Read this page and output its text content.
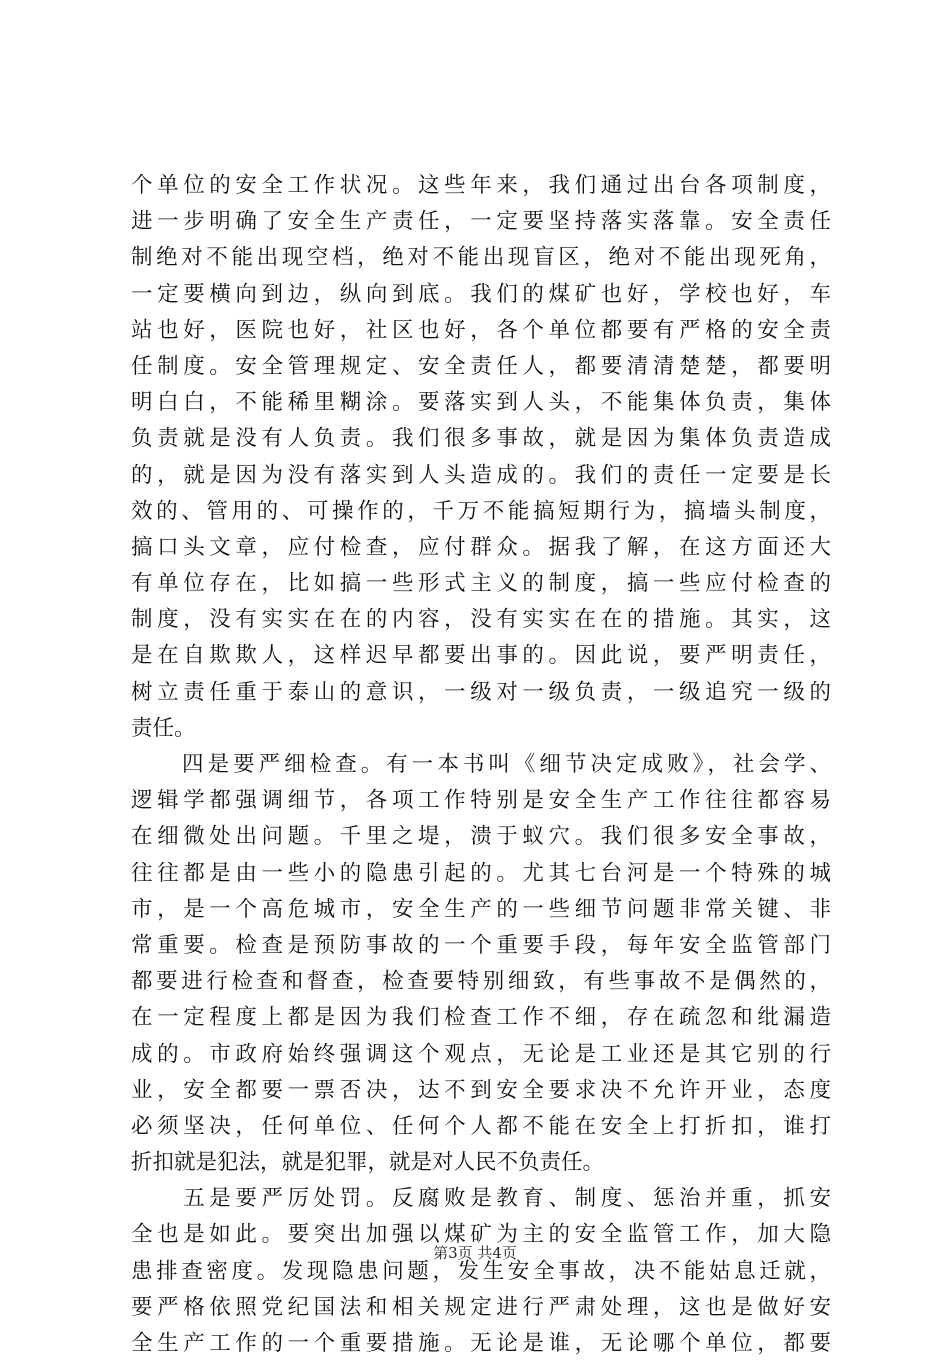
个单位的安全工作状况。这些年来，我们通过出台各项制度，
进一步明确了安全生产责任，一定要坚持落实落靠。安全责任
制绝对不能出现空档，绝对不能出现盲区，绝对不能出现死角，
一定要横向到边，纵向到底。我们的煤矿也好，学校也好，车
站也好，医院也好，社区也好，各个单位都要有严格的安全责
任制度。安全管理规定、安全责任人，都要清清楚楚，都要明
明白白，不能稀里糊涂。要落实到人头，不能集体负责，集体
负责就是没有人负责。我们很多事故，就是因为集体负责造成
的，就是因为没有落实到人头造成的。我们的责任一定要是长
效的、管用的、可操作的，千万不能搞短期行为，搞墙头制度，
搞口头文章，应付检查，应付群众。据我了解，在这方面还大
有单位存在，比如搞一些形式主义的制度，搞一些应付检查的
制度，没有实实在在的内容，没有实实在在的措施。其实，这
是在自欺欺人，这样迟早都要出事的。因此说，要严明责任，
树立责任重于泰山的意识，一级对一级负责，一级追究一级的
责任。
　　四是要严细检查。有一本书叫《细节决定成败》，社会学、
逻辑学都强调细节，各项工作特别是安全生产工作往往都容易
在细微处出问题。千里之堤，溃于蚁穴。我们很多安全事故，
往往都是由一些小的隐患引起的。尤其七台河是一个特殊的城
市，是一个高危城市，安全生产的一些细节问题非常关键、非
常重要。检查是预防事故的一个重要手段，每年安全监管部门
都要进行检查和督查，检查要特别细致，有些事故不是偶然的，
在一定程度上都是因为我们检查工作不细，存在疏忽和纰漏造
成的。市政府始终强调这个观点，无论是工业还是其它别的行
业，安全都要一票否决，达不到安全要求决不允许开业，态度
必须坚决，任何单位、任何个人都不能在安全上打折扣，谁打
折扣就是犯法，就是犯罪，就是对人民不负责任。
　　五是要严厉处罚。反腐败是教育、制度、惩治并重，抓安
全也是如此。要突出加强以煤矿为主的安全监管工作，加大隐
患排查密度。发现隐患问题，发生安全事故，决不能姑息迁就，
要严格依照党纪国法和相关规定进行严肃处理，这也是做好安
全生产工作的一个重要措施。无论是谁，无论哪个单位，都要
第3页 共4页
